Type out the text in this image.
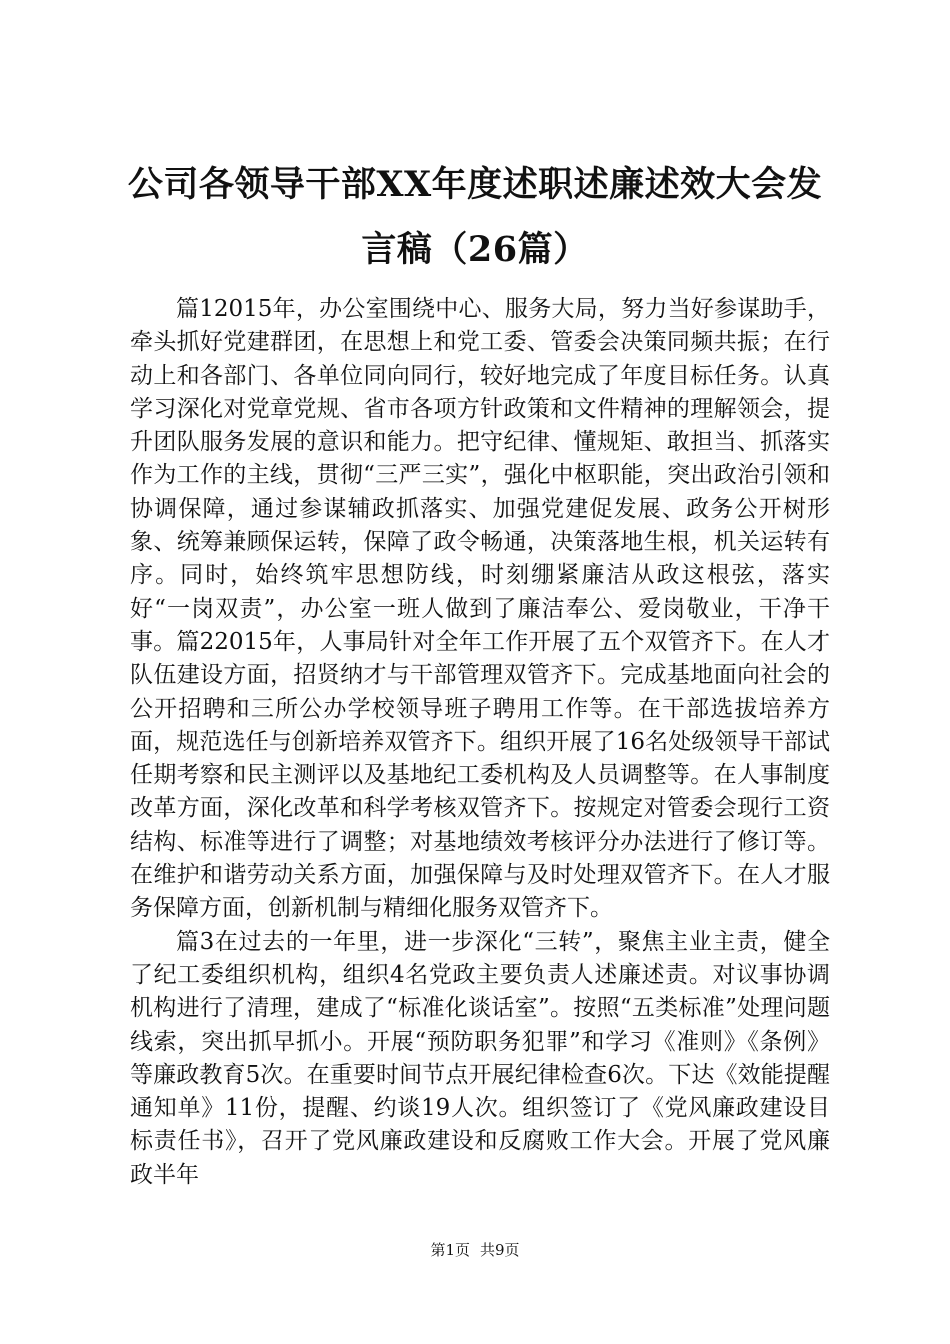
公司各领导干部XX年度述职述廉述效大会发
言稿（26篇）

篇12015年，办公室围绕中心、服务大局，努力当好参谋助手，牵头抓好党建群团，在思想上和党工委、管委会决策同频共振；在行动上和各部门、各单位同向同行，较好地完成了年度目标任务。认真学习深化对党章党规、省市各项方针政策和文件精神的理解领会，提升团队服务发展的意识和能力。把守纪律、懂规矩、敢担当、抓落实作为工作的主线，贯彻“三严三实”，强化中枢职能，突出政治引领和协调保障，通过参谋辅政抓落实、加强党建促发展、政务公开树形象、统筹兼顾保运转，保障了政令畅通，决策落地生根，机关运转有序。同时，始终筑牢思想防线，时刻绷紧廉洁从政这根弦，落实好“一岗双责”，办公室一班人做到了廉洁奉公、爱岗敬业，干净干事。篇22015年，人事局针对全年工作开展了五个双管齐下。在人才队伍建设方面，招贤纳才与干部管理双管齐下。完成基地面向社会的公开招聘和三所公办学校领导班子聘用工作等。在干部选拔培养方面，规范选任与创新培养双管齐下。组织开展了16名处级领导干部试任期考察和民主测评以及基地纪工委机构及人员调整等。在人事制度改革方面，深化改革和科学考核双管齐下。按规定对管委会现行工资结构、标准等进行了调整；对基地绩效考核评分办法进行了修订等。在维护和谐劳动关系方面，加强保障与及时处理双管齐下。在人才服务保障方面，创新机制与精细化服务双管齐下。

篇3在过去的一年里，进一步深化“三转”，聚焦主业主责，健全了纪工委组织机构，组织4名党政主要负责人述廉述责。对议事协调机构进行了清理，建成了“标准化谈话室”。按照“五类标准”处理问题线索，突出抓早抓小。开展“预防职务犯罪”和学习《准则》《条例》等廉政教育5次。在重要时间节点开展纪律检查6次。下达《效能提醒通知单》11份，提醒、约谈19人次。组织签订了《党风廉政建设目标责任书》，召开了党风廉政建设和反腐败工作大会。开展了党风廉政半年

第1页 共9页
